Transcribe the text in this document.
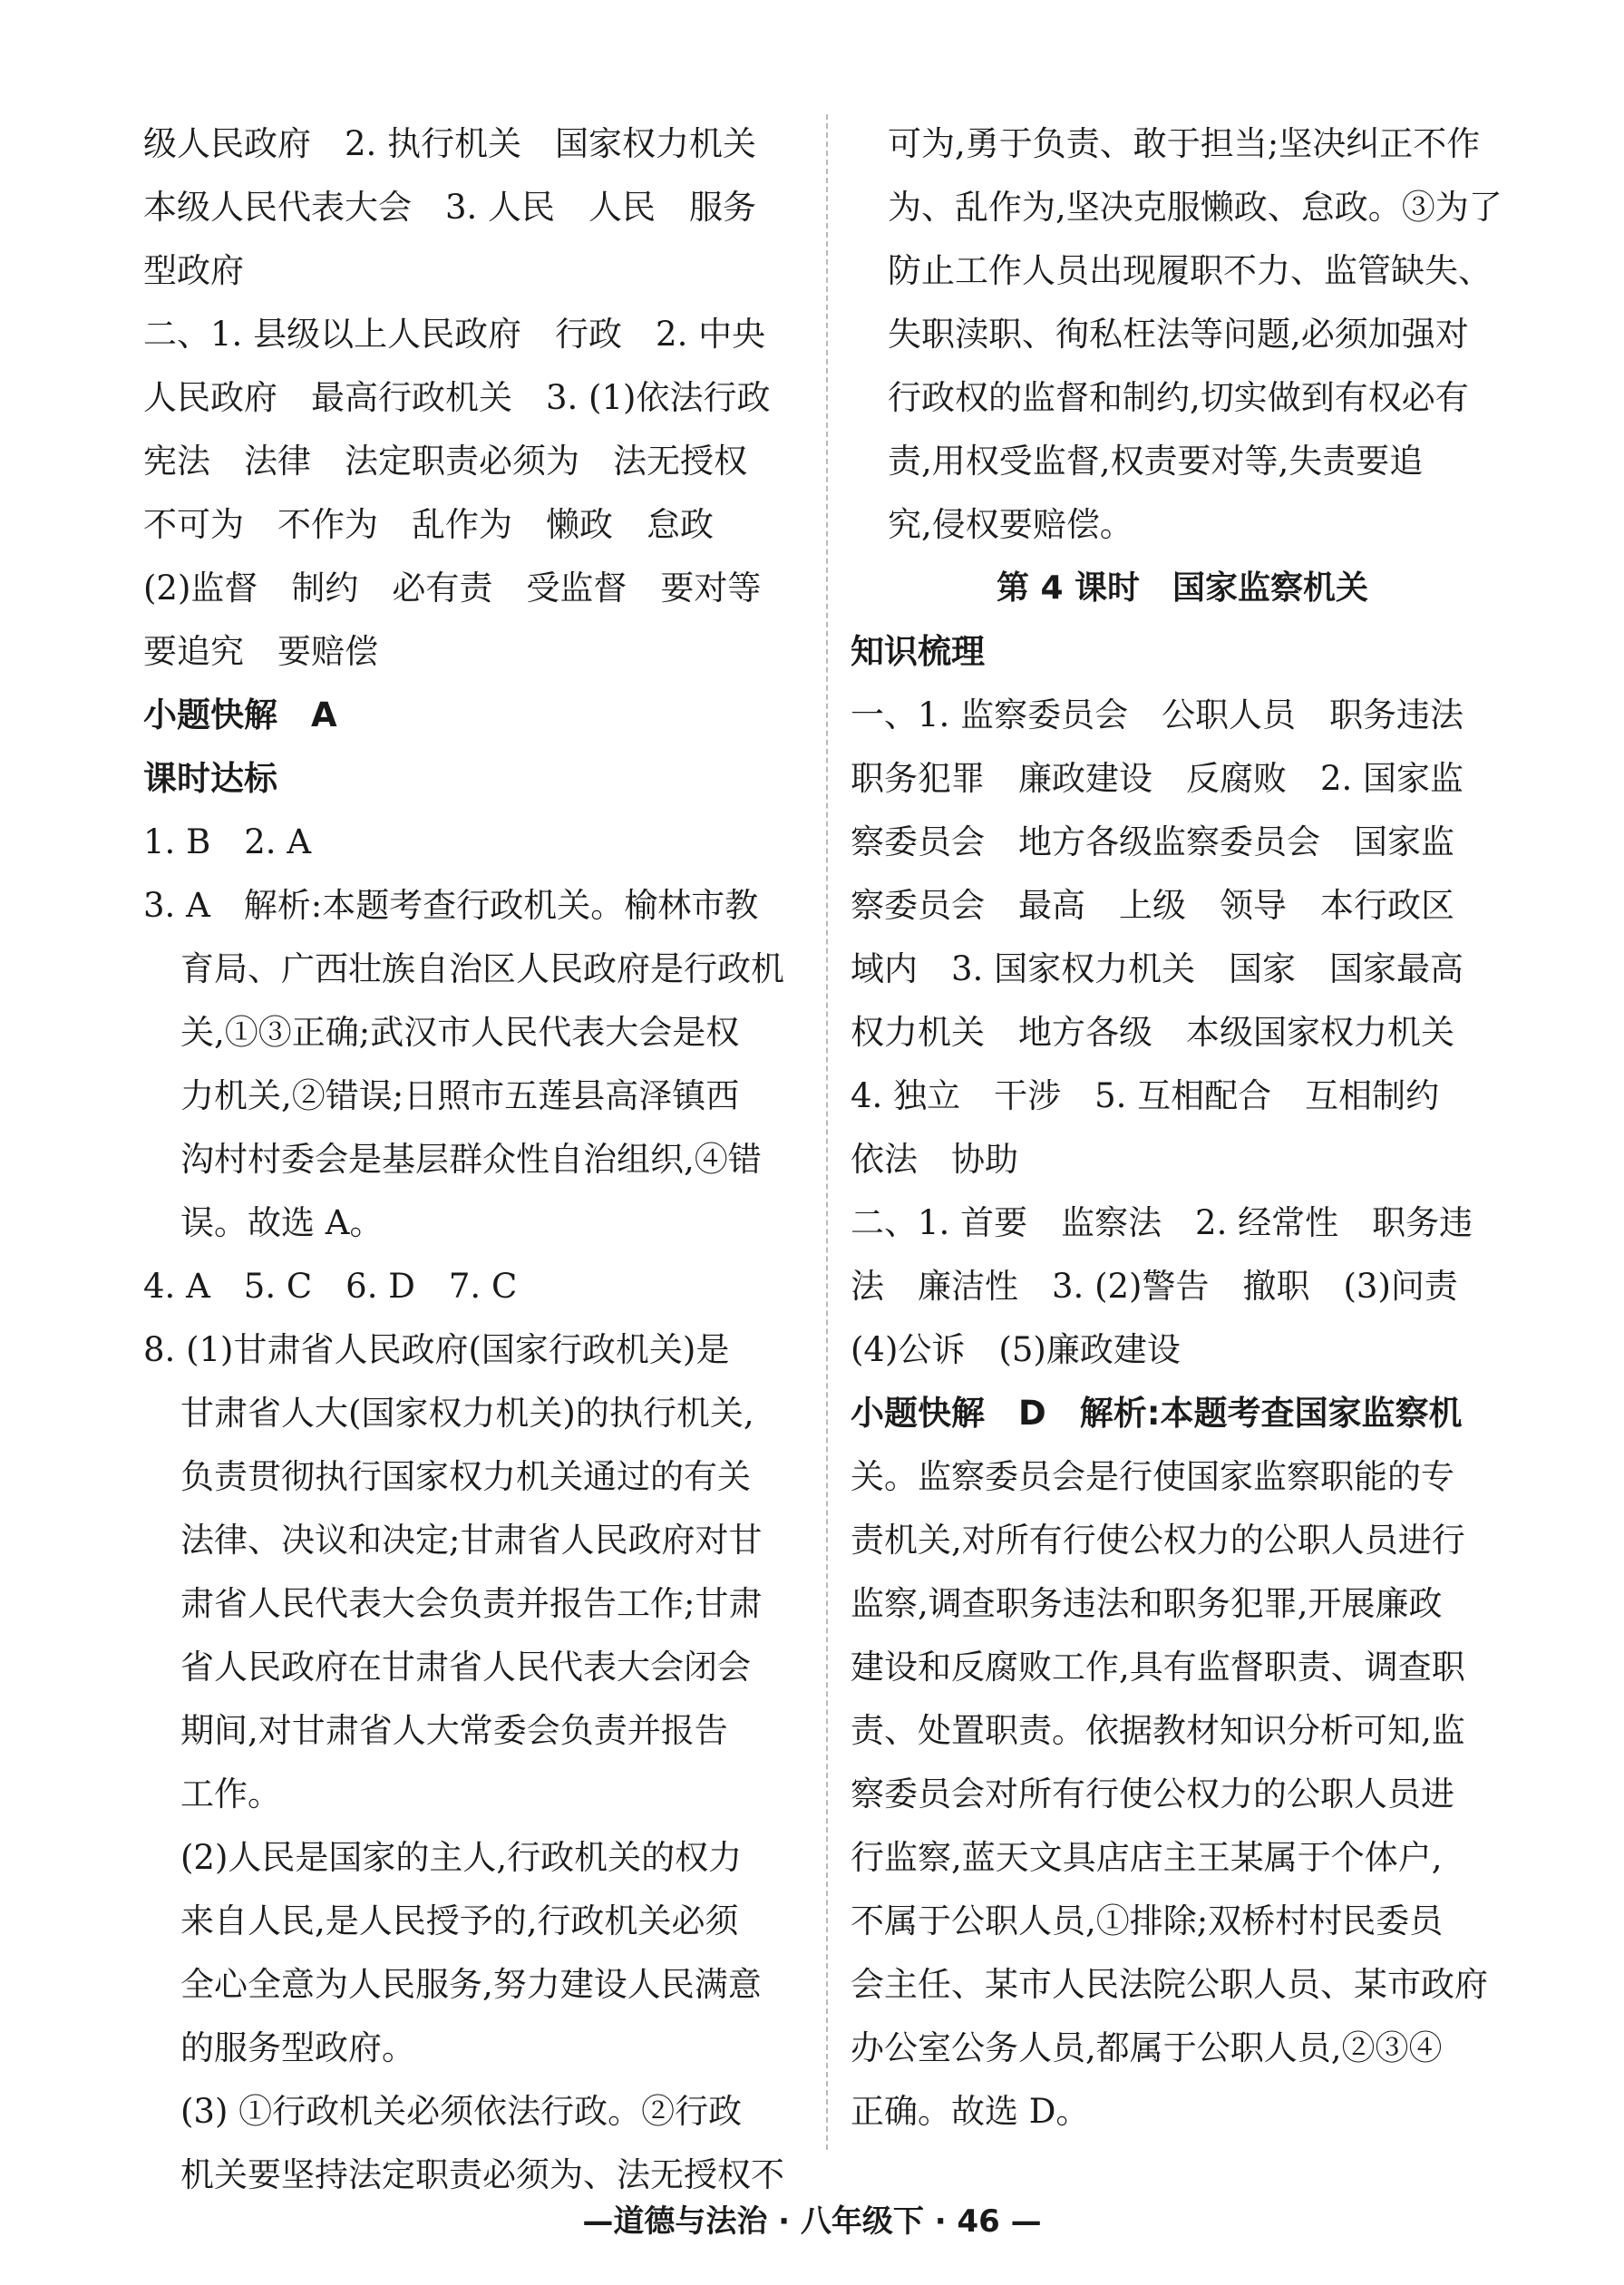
级人民政府　2. 执行机关　国家权力机关
本级人民代表大会　3. 人民　人民　服务
型政府
二、1. 县级以上人民政府　行政　2. 中央
人民政府　最高行政机关　3. (1)依法行政
宪法　法律　法定职责必须为　法无授权
不可为　不作为　乱作为　懒政　怠政
(2)监督　制约　必有责　受监督　要对等
要追究　要赔偿
小题快解　A
课时达标
1. B　2. A
3. A　解析:本题考查行政机关。榆林市教
育局、广西壮族自治区人民政府是行政机
关,①③正确;武汉市人民代表大会是权
力机关,②错误;日照市五莲县高泽镇西
沟村村委会是基层群众性自治组织,④错
误。故选 A。
4. A　5. C　6. D　7. C
8. (1)甘肃省人民政府(国家行政机关)是
甘肃省人大(国家权力机关)的执行机关,
负责贯彻执行国家权力机关通过的有关
法律、决议和决定;甘肃省人民政府对甘
肃省人民代表大会负责并报告工作;甘肃
省人民政府在甘肃省人民代表大会闭会
期间,对甘肃省人大常委会负责并报告
工作。
(2)人民是国家的主人,行政机关的权力
来自人民,是人民授予的,行政机关必须
全心全意为人民服务,努力建设人民满意
的服务型政府。
(3) ①行政机关必须依法行政。②行政
机关要坚持法定职责必须为、法无授权不
可为,勇于负责、敢于担当;坚决纠正不作
为、乱作为,坚决克服懒政、怠政。③为了
防止工作人员出现履职不力、监管缺失、
失职渎职、徇私枉法等问题,必须加强对
行政权的监督和制约,切实做到有权必有
责,用权受监督,权责要对等,失责要追
究,侵权要赔偿。
第 4 课时　国家监察机关
知识梳理
一、1. 监察委员会　公职人员　职务违法
职务犯罪　廉政建设　反腐败　2. 国家监
察委员会　地方各级监察委员会　国家监
察委员会　最高　上级　领导　本行政区
域内　3. 国家权力机关　国家　国家最高
权力机关　地方各级　本级国家权力机关
4. 独立　干涉　5. 互相配合　互相制约
依法　协助
二、1. 首要　监察法　2. 经常性　职务违
法　廉洁性　3. (2)警告　撤职　(3)问责
(4)公诉　(5)廉政建设
小题快解　D　解析:本题考查国家监察机
关。监察委员会是行使国家监察职能的专
责机关,对所有行使公权力的公职人员进行
监察,调查职务违法和职务犯罪,开展廉政
建设和反腐败工作,具有监督职责、调查职
责、处置职责。依据教材知识分析可知,监
察委员会对所有行使公权力的公职人员进
行监察,蓝天文具店店主王某属于个体户,
不属于公职人员,①排除;双桥村村民委员
会主任、某市人民法院公职人员、某市政府
办公室公务人员,都属于公职人员,②③④
正确。故选 D。
—道德与法治 · 八年级下 · 46 —
